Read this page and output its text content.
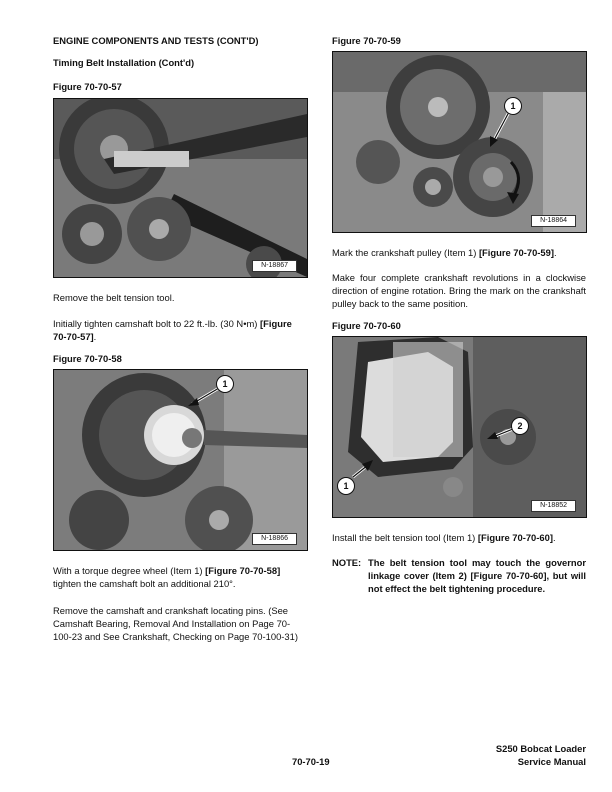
ENGINE COMPONENTS AND TESTS (CONT'D)
Timing Belt Installation (Cont'd)
Figure 70-70-57
N-18867

Remove the belt tension tool.

Initially tighten camshaft bolt to 22 ft.-lb. (30 N•m) [Figure 70-70-57].

Figure 70-70-58
1
N-18866

With a torque degree wheel (Item 1) [Figure 70-70-58] tighten the camshaft bolt an additional 210°.

Remove the camshaft and crankshaft locating pins. (See Camshaft Bearing, Removal And Installation on Page 70-100-23 and See Crankshaft, Checking on Page 70-100-31)

Figure 70-70-59
1
N-18864

Mark the crankshaft pulley (Item 1) [Figure 70-70-59].

Make four complete crankshaft revolutions in a clockwise direction of engine rotation. Bring the mark on the crankshaft pulley back to the same position.

Figure 70-70-60
2
1
N-18852

Install the belt tension tool (Item 1) [Figure 70-70-60].

NOTE: The belt tension tool may touch the governor linkage cover (Item 2) [Figure 70-70-60], but will not effect the belt tightening procedure.

70-70-19
S250 Bobcat Loader
Service Manual
